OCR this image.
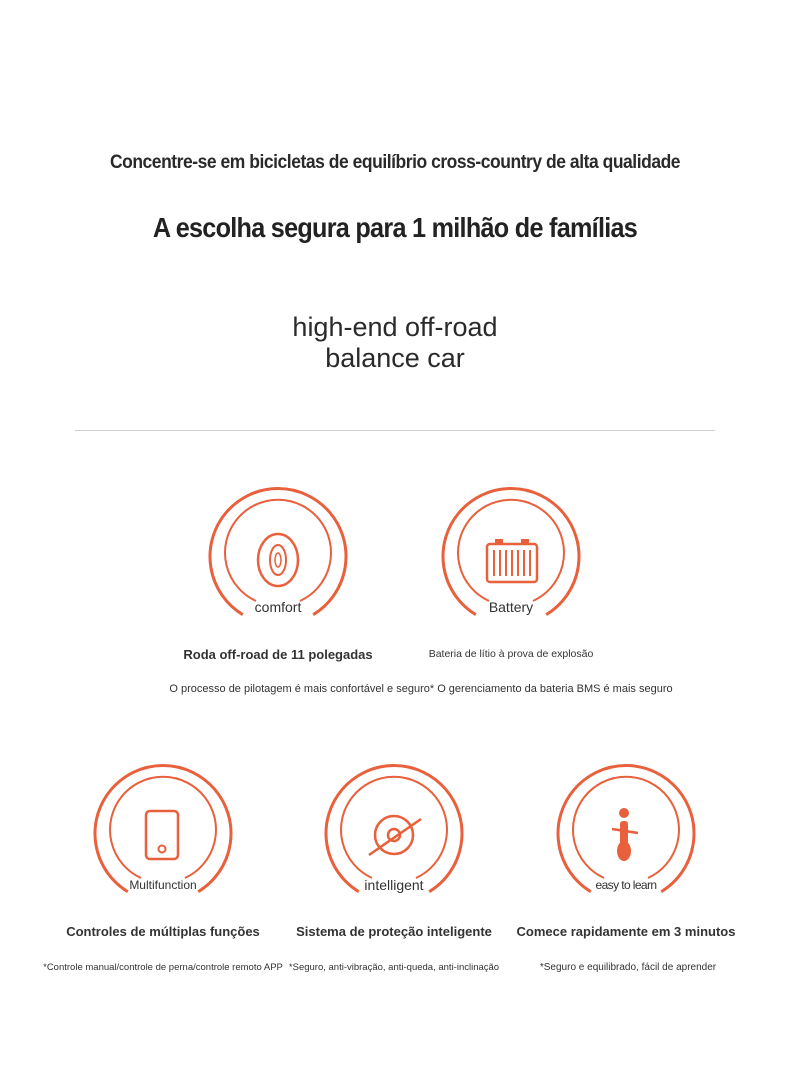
Concentre-se em bicicletas de equilíbrio cross-country de alta qualidade
A escolha segura para 1 milhão de famílias
high-end off-road
balance car
comfort	Battery
Roda off-road de 11 polegadas	Bateria de lítio à prova de explosão
O processo de pilotagem é mais confortável e seguro* O gerenciamento da bateria BMS é mais seguro
Multifunction	intelligent	easy to learn
Controles de múltiplas funções	Sistema de proteção inteligente	Comece rapidamente em 3 minutos
*Controle manual/controle de perna/controle remoto APP *Seguro, anti-vibração, anti-queda, anti-inclinação	*Seguro e equilibrado, fácil de aprender
